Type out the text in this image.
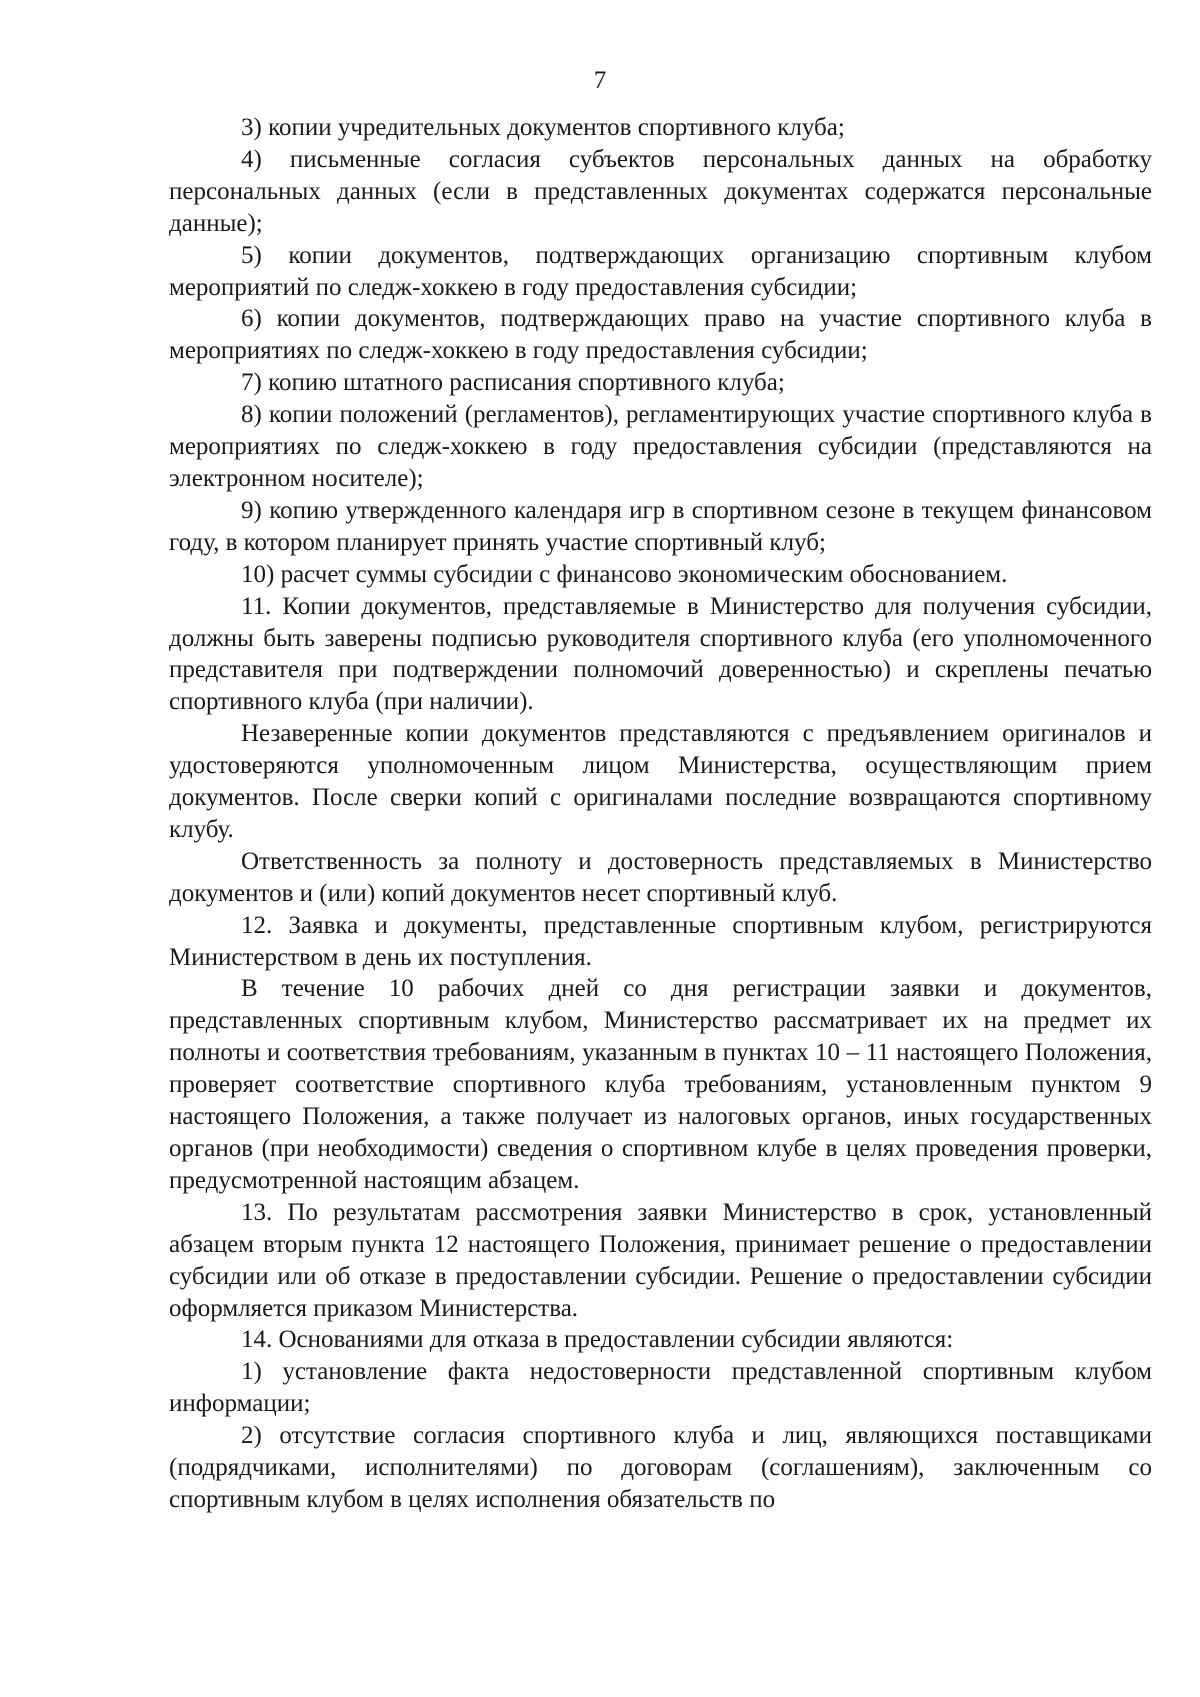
7

3) копии учредительных документов спортивного клуба;

4) письменные согласия субъектов персональных данных на обработку персональных данных (если в представленных документах содержатся персональные данные);

5) копии документов, подтверждающих организацию спортивным клубом мероприятий по следж-хоккею в году предоставления субсидии;

6) копии документов, подтверждающих право на участие спортивного клуба в мероприятиях по следж-хоккею в году предоставления субсидии;

7) копию штатного расписания спортивного клуба;

8) копии положений (регламентов), регламентирующих участие спортивного клуба в мероприятиях по следж-хоккею в году предоставления субсидии (представляются на электронном носителе);

9) копию утвержденного календаря игр в спортивном сезоне в текущем финансовом году, в котором планирует принять участие спортивный клуб;

10) расчет суммы субсидии с финансово экономическим обоснованием.

11. Копии документов, представляемые в Министерство для получения субсидии, должны быть заверены подписью руководителя спортивного клуба (его уполномоченного представителя при подтверждении полномочий доверенностью) и скреплены печатью спортивного клуба (при наличии).

Незаверенные копии документов представляются с предъявлением оригиналов и удостоверяются уполномоченным лицом Министерства, осуществляющим прием документов. После сверки копий с оригиналами последние возвращаются спортивному клубу.

Ответственность за полноту и достоверность представляемых в Министерство документов и (или) копий документов несет спортивный клуб.

12. Заявка и документы, представленные спортивным клубом, регистрируются Министерством в день их поступления.

В течение 10 рабочих дней со дня регистрации заявки и документов, представленных спортивным клубом, Министерство рассматривает их на предмет их полноты и соответствия требованиям, указанным в пунктах 10 – 11 настоящего Положения, проверяет соответствие спортивного клуба требованиям, установленным пунктом 9 настоящего Положения, а также получает из налоговых органов, иных государственных органов (при необходимости) сведения о спортивном клубе в целях проведения проверки, предусмотренной настоящим абзацем.

13. По результатам рассмотрения заявки Министерство в срок, установленный абзацем вторым пункта 12 настоящего Положения, принимает решение о предоставлении субсидии или об отказе в предоставлении субсидии. Решение о предоставлении субсидии оформляется приказом Министерства.

14. Основаниями для отказа в предоставлении субсидии являются:

1) установление факта недостоверности представленной спортивным клубом информации;

2) отсутствие согласия спортивного клуба и лиц, являющихся поставщиками (подрядчиками, исполнителями) по договорам (соглашениям), заключенным со спортивным клубом в целях исполнения обязательств по
